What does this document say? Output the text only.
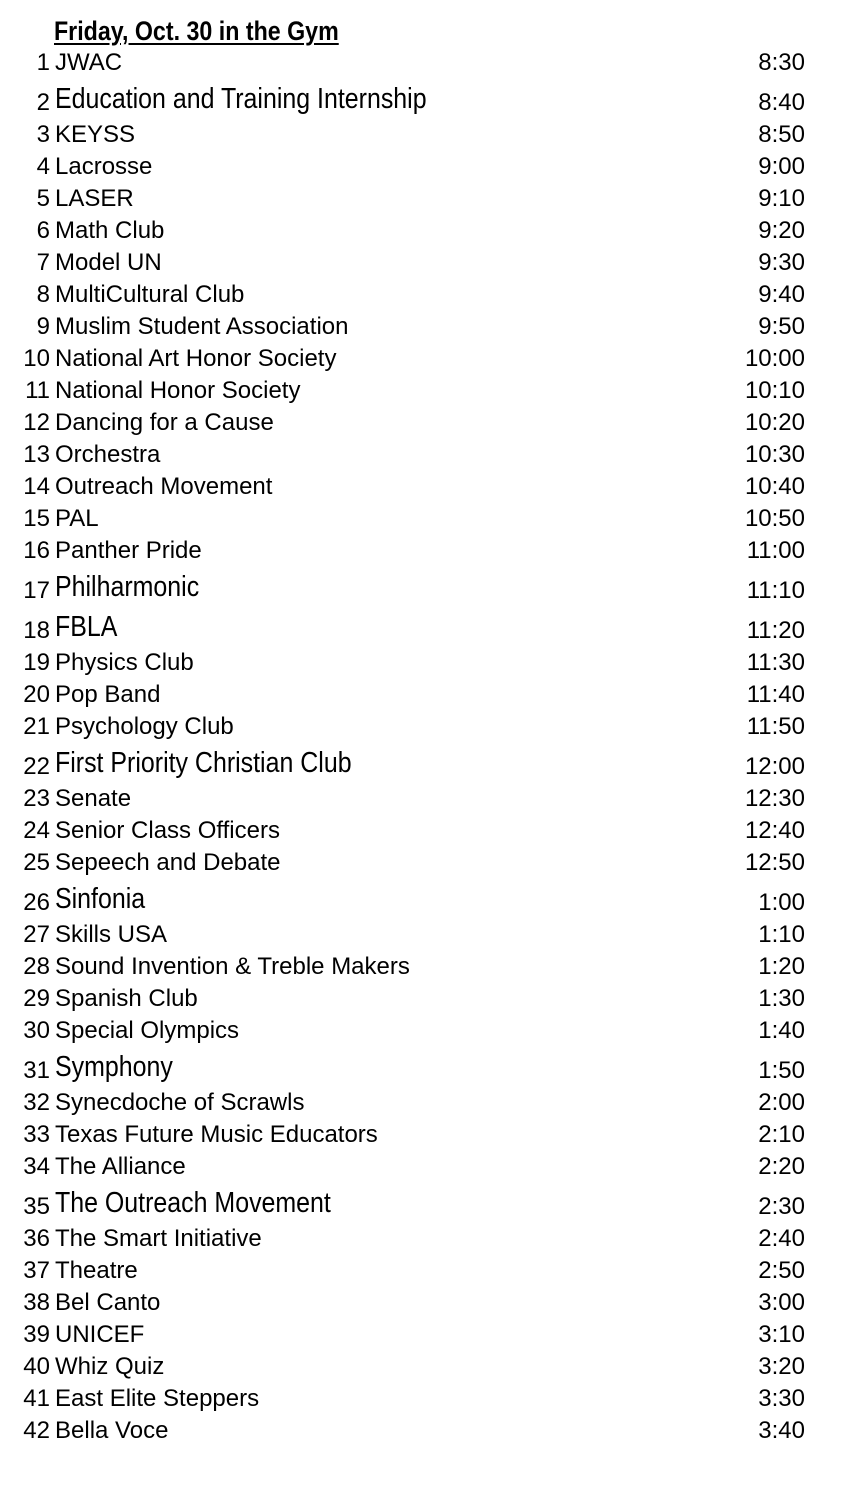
Friday, Oct. 30 in the Gym
1 JWAC	8:30
2 Education and Training Internship	8:40
3 KEYSS	8:50
4 Lacrosse	9:00
5 LASER	9:10
6 Math Club	9:20
7 Model UN	9:30
8 MultiCultural Club	9:40
9 Muslim Student Association	9:50
10 National Art Honor Society	10:00
11 National Honor Society	10:10
12 Dancing for a Cause	10:20
13 Orchestra	10:30
14 Outreach Movement	10:40
15 PAL	10:50
16 Panther Pride	11:00
17 Philharmonic	11:10
18 FBLA	11:20
19 Physics Club	11:30
20 Pop Band	11:40
21 Psychology Club	11:50
22 First Priority Christian Club	12:00
23 Senate	12:30
24 Senior Class Officers	12:40
25 Sepeech and Debate	12:50
26 Sinfonia	1:00
27 Skills USA	1:10
28 Sound Invention & Treble Makers	1:20
29 Spanish Club	1:30
30 Special Olympics	1:40
31 Symphony	1:50
32 Synecdoche of Scrawls	2:00
33 Texas Future Music Educators	2:10
34 The Alliance	2:20
35 The Outreach Movement	2:30
36 The Smart Initiative	2:40
37 Theatre	2:50
38 Bel Canto	3:00
39 UNICEF	3:10
40 Whiz Quiz	3:20
41 East Elite Steppers	3:30
42 Bella Voce	3:40
